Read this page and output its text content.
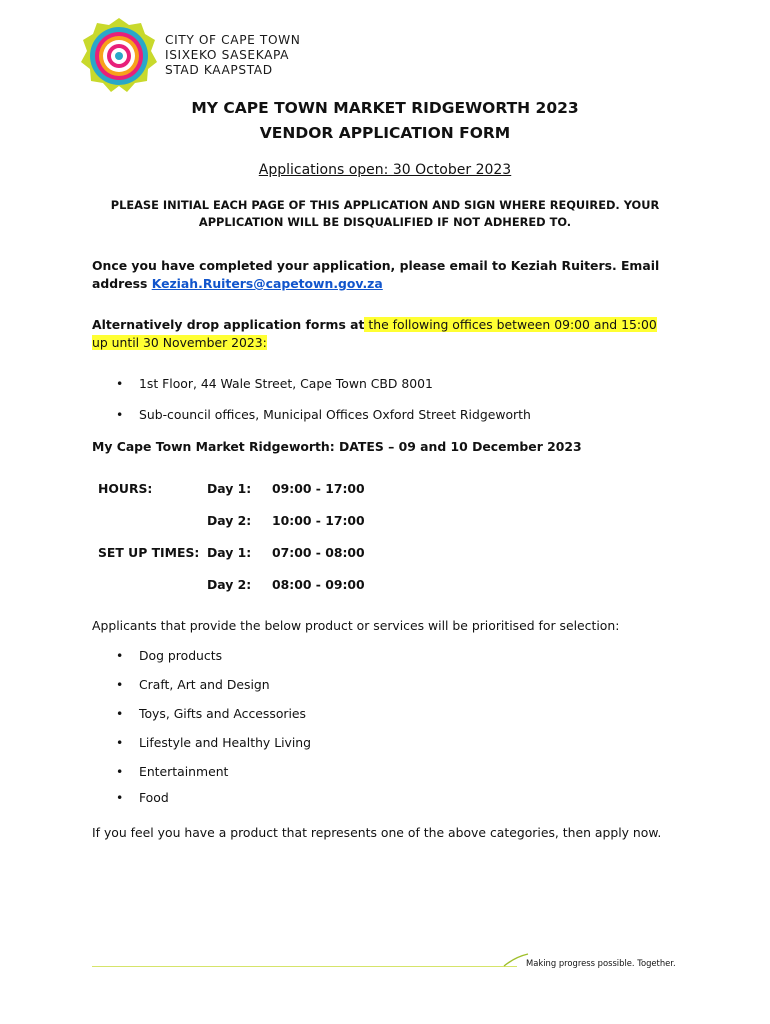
CITY OF CAPE TOWN
ISIXEKO SASEKAPA
STAD KAAPSTAD
MY CAPE TOWN MARKET RIDGEWORTH 2023
VENDOR APPLICATION FORM
Applications open: 30 October 2023
PLEASE INITIAL EACH PAGE OF THIS APPLICATION AND SIGN WHERE REQUIRED. YOUR APPLICATION WILL BE DISQUALIFIED IF NOT ADHERED TO.
Once you have completed your application, please email to Keziah Ruiters. Email address Keziah.Ruiters@capetown.gov.za
Alternatively drop application forms at the following offices between 09:00 and 15:00
up until 30 November 2023:
• 1st Floor, 44 Wale Street, Cape Town CBD 8001
• Sub-council offices, Municipal Offices Oxford Street Ridgeworth
My Cape Town Market Ridgeworth: DATES – 09 and 10 December 2023
HOURS:	Day 1: 09:00 - 17:00
Day 2: 10:00 - 17:00
SET UP TIMES: Day 1: 07:00 - 08:00
Day 2: 08:00 - 09:00
Applicants that provide the below product or services will be prioritised for selection:
• Dog products
• Craft, Art and Design
• Toys, Gifts and Accessories
• Lifestyle and Healthy Living
• Entertainment
• Food
If you feel you have a product that represents one of the above categories, then apply now.
Making progress possible. Together.
